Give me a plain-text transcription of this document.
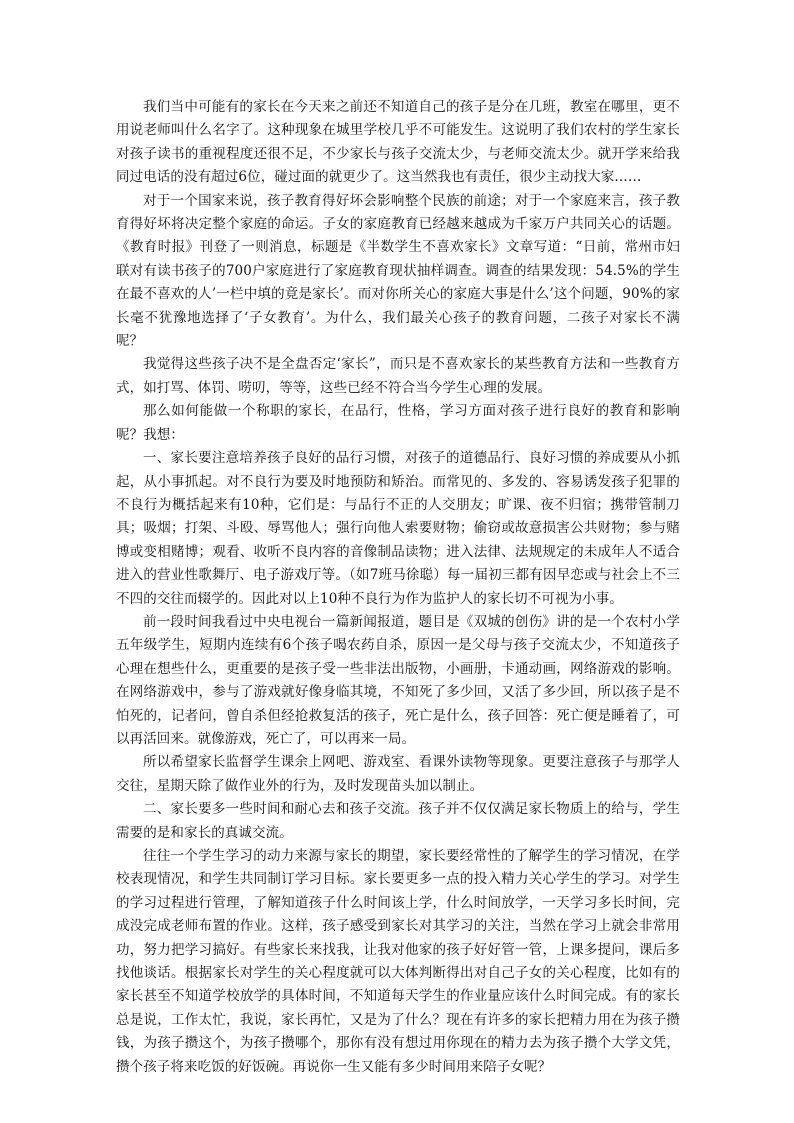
我们当中可能有的家长在今天来之前还不知道自己的孩子是分在几班，教室在哪里，更不用说老师叫什么名字了。这种现象在城里学校几乎不可能发生。这说明了我们农村的学生家长对孩子读书的重视程度还很不足，不少家长与孩子交流太少，与老师交流太少。就开学来给我同过电话的没有超过6位，碰过面的就更少了。这当然我也有责任，很少主动找大家……

对于一个国家来说，孩子教育得好坏会影响整个民族的前途；对于一个家庭来言，孩子教育得好坏将决定整个家庭的命运。子女的家庭教育已经越来越成为千家万户共同关心的话题。《教育时报》刊登了一则消息，标题是《半数学生不喜欢家长》文章写道：“日前，常州市妇联对有读书孩子的700户家庭进行了家庭教育现状抽样调查。调查的结果发现：54.5%的学生在最不喜欢的人’一栏中填的竟是家长’。而对你所关心的家庭大事是什么’这个问题，90%的家长毫不犹豫地选择了‘子女教育’。为什么，我们最关心孩子的教育问题，二孩子对家长不满呢？

我觉得这些孩子决不是全盘否定‘家长”，而只是不喜欢家长的某些教育方法和一些教育方式，如打骂、体罚、唠叨，等等，这些已经不符合当今学生心理的发展。

那么如何能做一个称职的家长，在品行，性格，学习方面对孩子进行良好的教育和影响呢？我想：

一、家长要注意培养孩子良好的品行习惯，对孩子的道德品行、良好习惯的养成要从小抓起，从小事抓起。对不良行为要及时地预防和矫治。而常见的、多发的、容易诱发孩子犯罪的不良行为概括起来有10种，它们是：与品行不正的人交朋友；旷课、夜不归宿；携带管制刀具；吸烟；打架、斗殴、辱骂他人；强行向他人索要财物；偷窃或故意损害公共财物；参与赌博或变相赌博；观看、收听不良内容的音像制品读物；进入法律、法规规定的未成年人不适合进入的营业性歌舞厅、电子游戏厅等。（如7班马徐聪）每一届初三都有因早恋或与社会上不三不四的交往而辍学的。因此对以上10种不良行为作为监护人的家长切不可视为小事。

前一段时间我看过中央电视台一篇新闻报道，题目是《双城的创伤》讲的是一个农村小学五年级学生，短期内连续有6个孩子喝农药自杀，原因一是父母与孩子交流太少，不知道孩子心理在想些什么，更重要的是孩子受一些非法出版物，小画册，卡通动画，网络游戏的影响。在网络游戏中，参与了游戏就好像身临其境，不知死了多少回，又活了多少回，所以孩子是不怕死的，记者问，曾自杀但经抢救复活的孩子，死亡是什么，孩子回答：死亡便是睡着了，可以再活回来。就像游戏，死亡了，可以再来一局。

所以希望家长监督学生课余上网吧、游戏室、看课外读物等现象。更要注意孩子与那学人交往，星期天除了做作业外的行为，及时发现苗头加以制止。

二、家长要多一些时间和耐心去和孩子交流。孩子并不仅仅满足家长物质上的给与，学生需要的是和家长的真诚交流。

往往一个学生学习的动力来源与家长的期望，家长要经常性的了解学生的学习情况，在学校表现情况，和学生共同制订学习目标。家长要更多一点的投入精力关心学生的学习。对学生的学习过程进行管理，了解知道孩子什么时间该上学，什么时间放学，一天学习多长时间，完成没完成老师布置的作业。这样，孩子感受到家长对其学习的关注，当然在学习上就会非常用功，努力把学习搞好。有些家长来找我，让我对他家的孩子好好管一管，上课多提问，课后多找他谈话。根据家长对学生的关心程度就可以大体判断得出对自己子女的关心程度，比如有的家长甚至不知道学校放学的具体时间，不知道每天学生的作业量应该什么时间完成。有的家长总是说，工作太忙，我说，家长再忙，又是为了什么？现在有许多的家长把精力用在为孩子攒钱，为孩子攒这个，为孩子攒哪个，那你有没有想过用你现在的精力去为孩子攒个大学文凭，攒个孩子将来吃饭的好饭碗。再说你一生又能有多少时间用来陪子女呢？
